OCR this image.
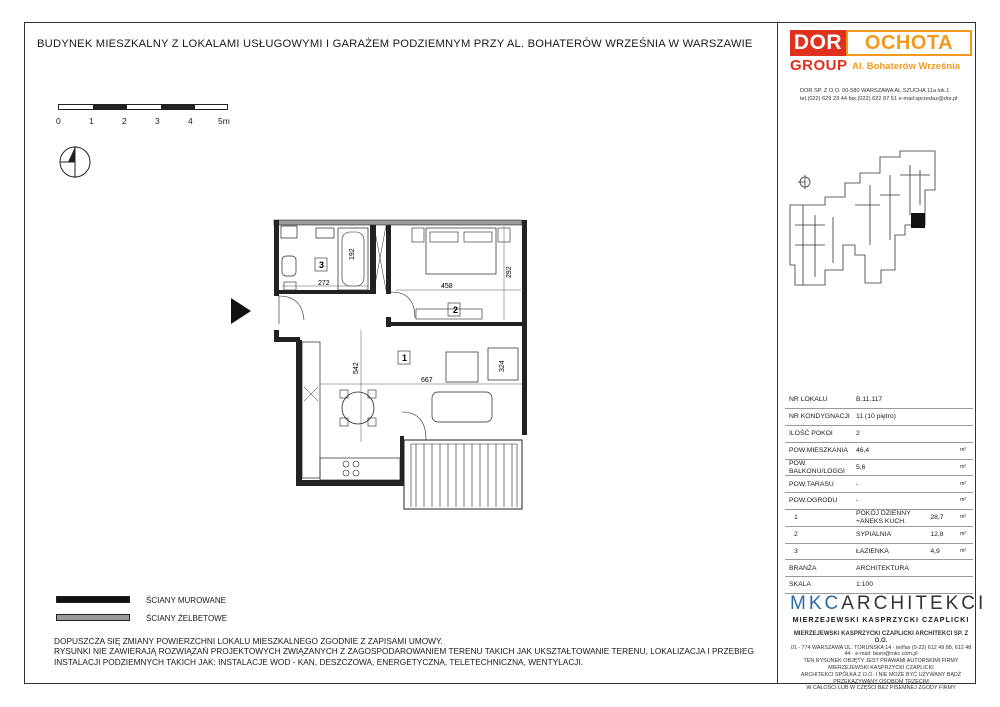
BUDYNEK MIESZKALNY Z LOKALAMI USŁUGOWYMI I GARAŻEM PODZIEMNYM PRZY AL. BOHATERÓW WRZEŚNIA W WARSZAWIE
0	1	2	3	4	5m
3
2
1
192
272	458
292
667
542	324
DOR	OCHOTA
GROUP Al. Bohaterów Września
DOR SP. Z O.O. 00-580 WARSZAWA AL.SZUCHA 11a lok.1
tel.(022) 629 23 44 fax.(022) 622 87 51 e-mail:sprzedaz@dor.pl
NR LOKALU	B.11.117		
NR KONDYGNACJI	11 (10 piętro)		
ILOŚĆ POKOI	2		
POW.MIESZKANIA	46,4		m²
POW. BALKONU/LOGGI	5,6		m²
POW.TARASU	-		m²
POW.OGRODU	-		m²
1	POKÓJ DZIENNY +ANEKS KUCH.	28,7	m²
2	SYPIALNIA	12,8	m²
3	ŁAZIENKA	4,9	m²
BRANŻA	ARCHITEKTURA		
SKALA	1:100		
MKCARCHITEKCI
MIERZEJEWSKI KASPRZYCKI CZAPLICKI
MIERZEJEWSKI KASPRZYCKI CZAPLICKI ARCHITEKCI SP. Z O.O.
01 - 774 WARSZAWA UL. TORUŃSKA 14 · tel/fax (0-22) 612 49 88, 612 48 44 · e-mail: biuro@mkc.com.pl
TEN RYSUNEK OBJĘTY JEST PRAWAMI AUTORSKIMI FIRMY MIERZEJEWSKI KASPRZYCKI CZAPLICKI
ARCHITEKCI SPÓŁKA Z O.O. I NIE MOŻE BYĆ UŻYWANY BĄDŹ PRZEKAZYWANY OSOBOM TRZECIM
W CAŁOŚCI LUB W CZĘŚCI BEZ PISEMNEJ ZGODY FIRMY
ŚCIANY MUROWANE
ŚCIANY ŻELBETOWE
DOPUSZCZA SIĘ ZMIANY POWIERZCHNI LOKALU MIESZKALNEGO ZGODNIE Z ZAPISAMI UMOWY.
RYSUNKI NIE ZAWIERAJĄ ROZWIĄZAŃ PROJEKTOWYCH ZWIĄZANYCH Z ZAGOSPODAROWANIEM TERENU TAKICH JAK UKSZTAŁTOWANIE TERENU, LOKALIZACJA I PRZEBIEG
INSTALACJI PODZIEMNYCH TAKICH JAK: INSTALACJE WOD - KAN, DESZCZOWA, ENERGETYCZNA, TELETECHNICZNA, WENTYLACJI.
